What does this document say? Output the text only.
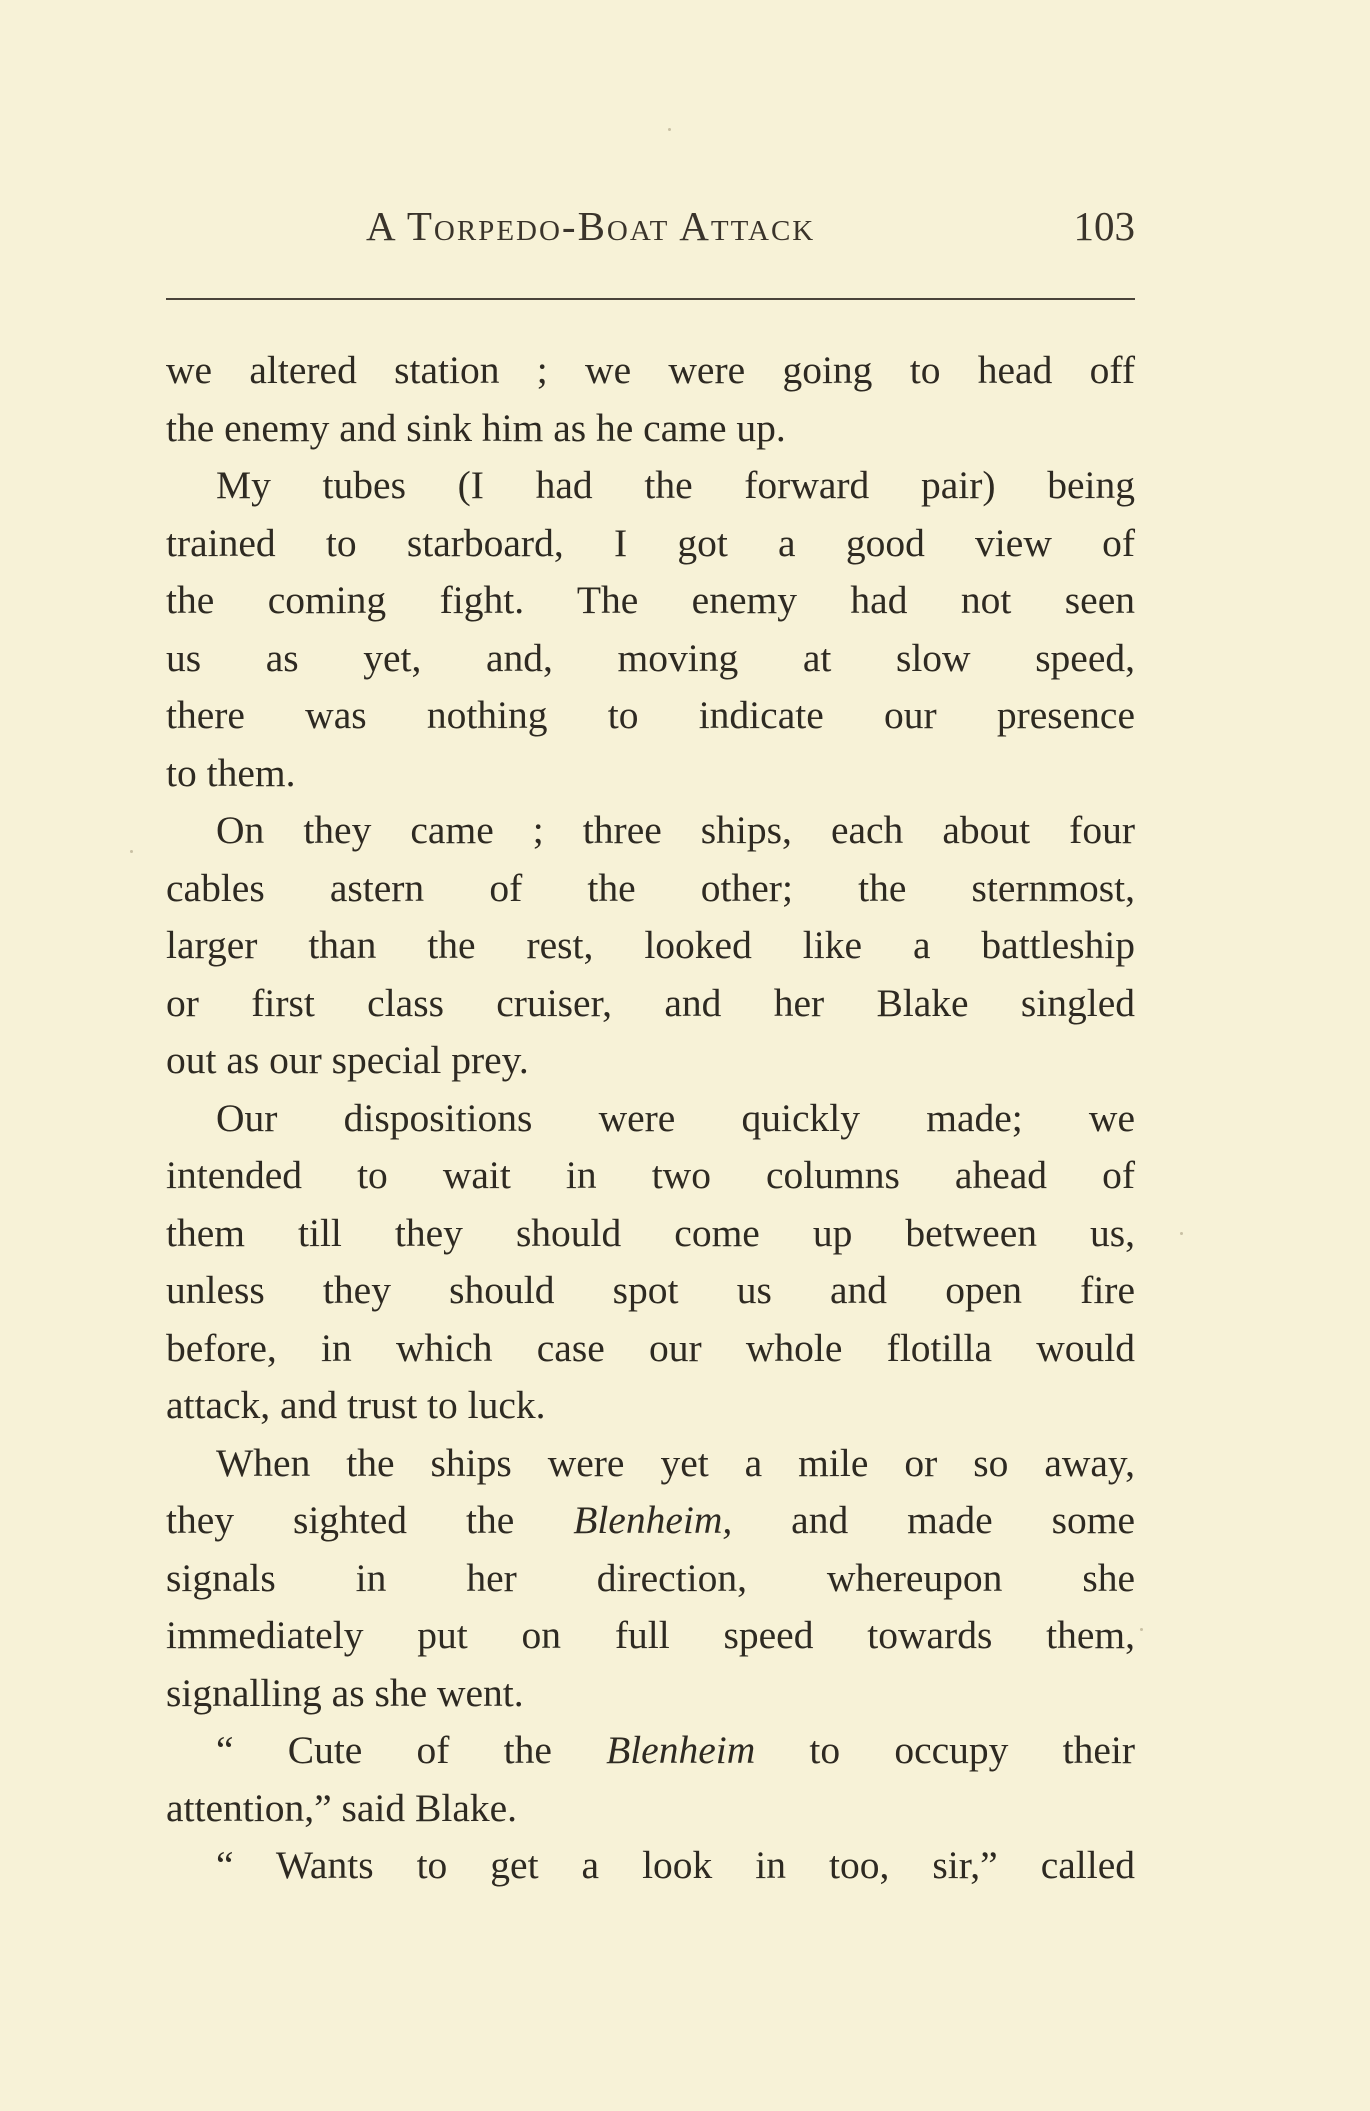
A Torpedo-Boat Attack	103
we altered station ; we were going to head off
the enemy and sink him as he came up.
My tubes (I had the forward pair) being
trained to starboard, I got a good view of
the coming fight. The enemy had not seen
us as yet, and, moving at slow speed,
there was nothing to indicate our presence
to them.
On they came ; three ships, each about four
cables astern of the other; the sternmost,
larger than the rest, looked like a battleship
or first class cruiser, and her Blake singled
out as our special prey.
Our dispositions were quickly made; we
intended to wait in two columns ahead of
them till they should come up between us,
unless they should spot us and open fire
before, in which case our whole flotilla would
attack, and trust to luck.
When the ships were yet a mile or so away,
they sighted the Blenheim, and made some
signals in her direction, whereupon she
immediately put on full speed towards them,
signalling as she went.
“ Cute of the Blenheim to occupy their
attention,” said Blake.
“ Wants to get a look in too, sir,” called
